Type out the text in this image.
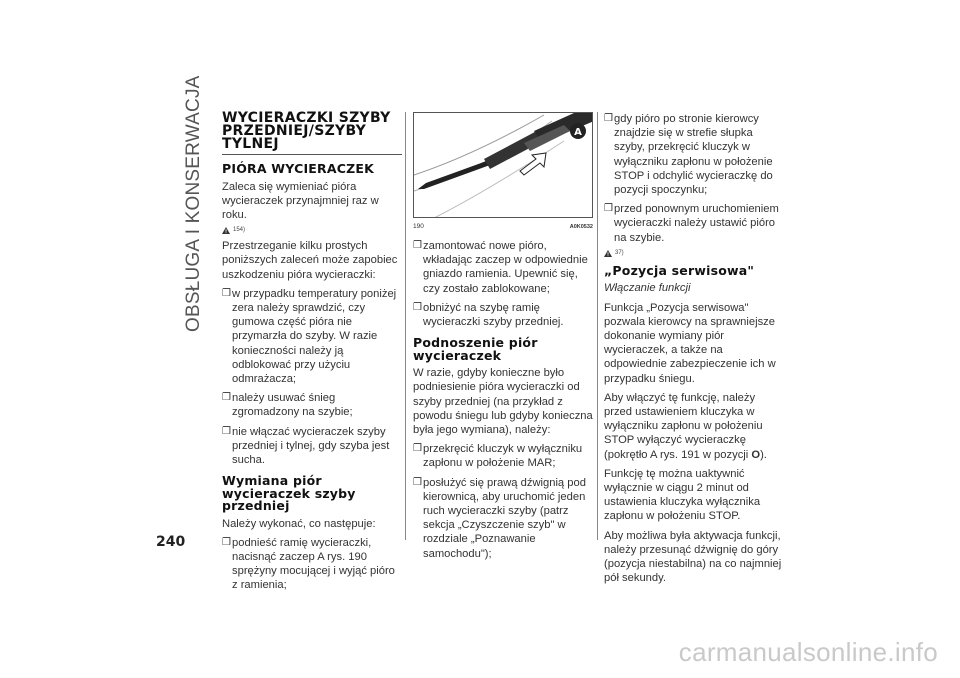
OBSŁUGA I KONSERWACJA WYCIERACZKI SZYBY PRZEDNIEJ/SZYBY TYLNEJ
PIÓRA WYCIERACZEK

Zaleca się wymieniać pióra wycieraczek przynajmniej raz w roku.

154)

Przestrzeganie kilku prostych poniższych zaleceń może zapobiec uszkodzeniu pióra wycieraczki:

❒ w przypadku temperatury poniżej zera należy sprawdzić, czy gumowa część pióra nie przymarzła do szyby. W razie konieczności należy ją odblokować przy użyciu odmrażacza;
❒ należy usuwać śnieg zgromadzony na szybie;
❒ nie włączać wycieraczek szyby przedniej i tylnej, gdy szyba jest sucha.
Wymiana piór wycieraczek szyby przedniej

Należy wykonać, co następuje:

❒ podnieść ramię wycieraczki, nacisnąć zaczep A rys. 190 sprężyny mocującej i wyjąć pióro z ramienia;
A
190	A0K0532
❒ zamontować nowe pióro, wkładając zaczep w odpowiednie gniazdo ramienia. Upewnić się, czy zostało zablokowane;
❒ obniżyć na szybę ramię wycieraczki szyby przedniej.
Podnoszenie piór wycieraczek

W razie, gdyby konieczne było podniesienie pióra wycieraczki od szyby przedniej (na przykład z powodu śniegu lub gdyby konieczna była jego wymiana), należy:

❒ przekręcić kluczyk w wyłączniku zapłonu w położenie MAR;
❒ posłużyć się prawą dźwignią pod kierownicą, aby uruchomić jeden ruch wycieraczki szyby (patrz sekcja „Czyszczenie szyb" w rozdziale „Poznawanie samochodu");
❒ gdy pióro po stronie kierowcy znajdzie się w strefie słupka szyby, przekręcić kluczyk w wyłączniku zapłonu w położenie STOP i odchylić wycieraczkę do pozycji spoczynku;
❒ przed ponownym uruchomieniem wycieraczki należy ustawić pióro na szybie.
37)
„Pozycja serwisowa"

Włączanie funkcji

Funkcja „Pozycja serwisowa" pozwala kierowcy na sprawniejsze dokonanie wymiany piór wycieraczek, a także na odpowiednie zabezpieczenie ich w przypadku śniegu.

Aby włączyć tę funkcję, należy przed ustawieniem kluczyka w wyłączniku zapłonu w położeniu STOP wyłączyć wycieraczkę (pokrętło A rys. 191 w pozycji O).

Funkcję tę można uaktywnić wyłącznie w ciągu 2 minut od ustawienia kluczyka wyłącznika zapłonu w położeniu STOP.

Aby możliwa była aktywacja funkcji, należy przesunąć dźwignię do góry (pozycja niestabilna) na co najmniej pół sekundy.

240
carmanualsonline.info
